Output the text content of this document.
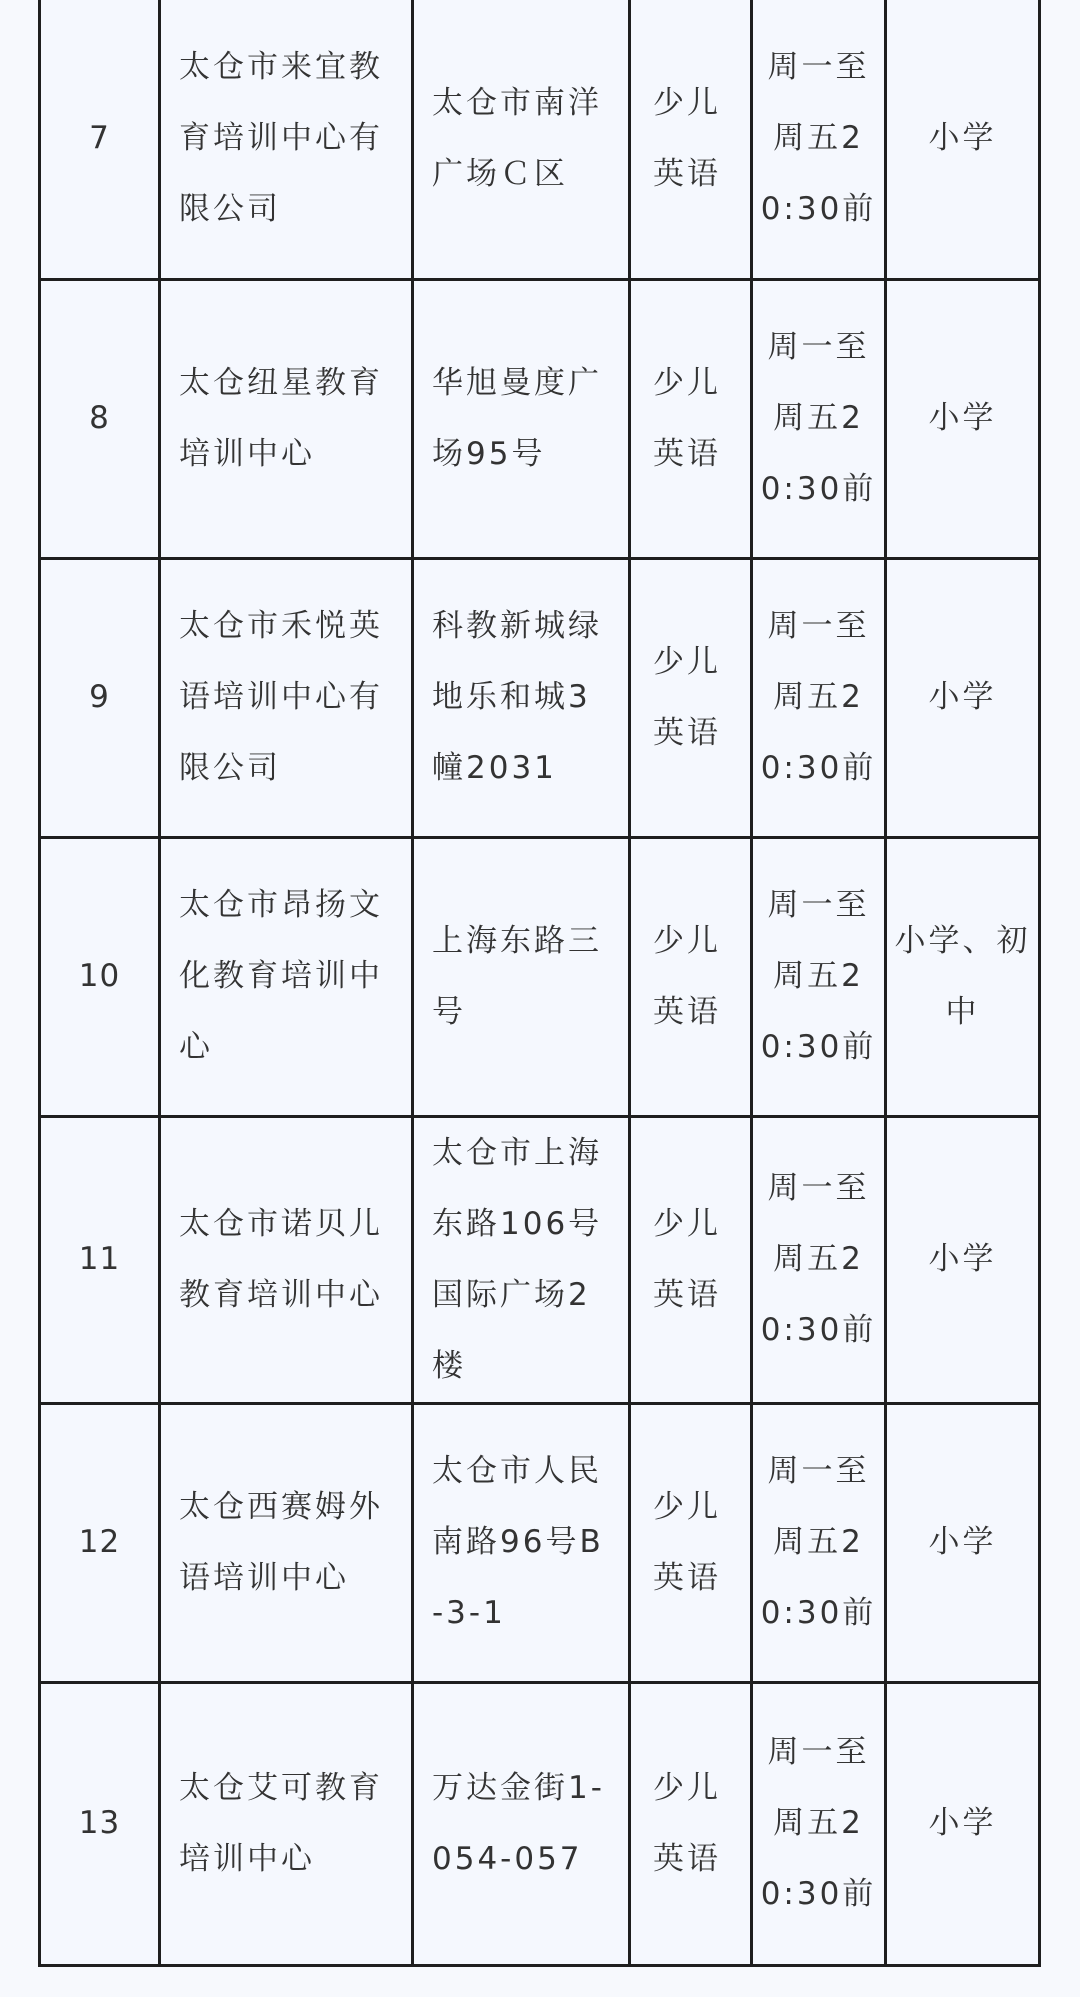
7	太仓市来宜教育培训中心有限公司	太仓市南洋广场Ｃ区	少儿英语	周一至周五20:30前	小学

8	太仓纽星教育培训中心	华旭曼度广场95号	少儿英语	周一至周五20:30前	小学

9	太仓市禾悦英语培训中心有限公司	科教新城绿地乐和城3幢2031	少儿英语	周一至周五20:30前	小学

10	太仓市昂扬文化教育培训中心	上海东路三号	少儿英语	周一至周五20:30前	小学、初中

11	太仓市诺贝儿教育培训中心	太仓市上海东路106号国际广场2楼	少儿英语	周一至周五20:30前	小学

12	太仓西赛姆外语培训中心	太仓市人民南路96号B-3-1	少儿英语	周一至周五20:30前	小学

13	太仓艾可教育培训中心	万达金街1-054-057	少儿英语	周一至周五20:30前	小学
